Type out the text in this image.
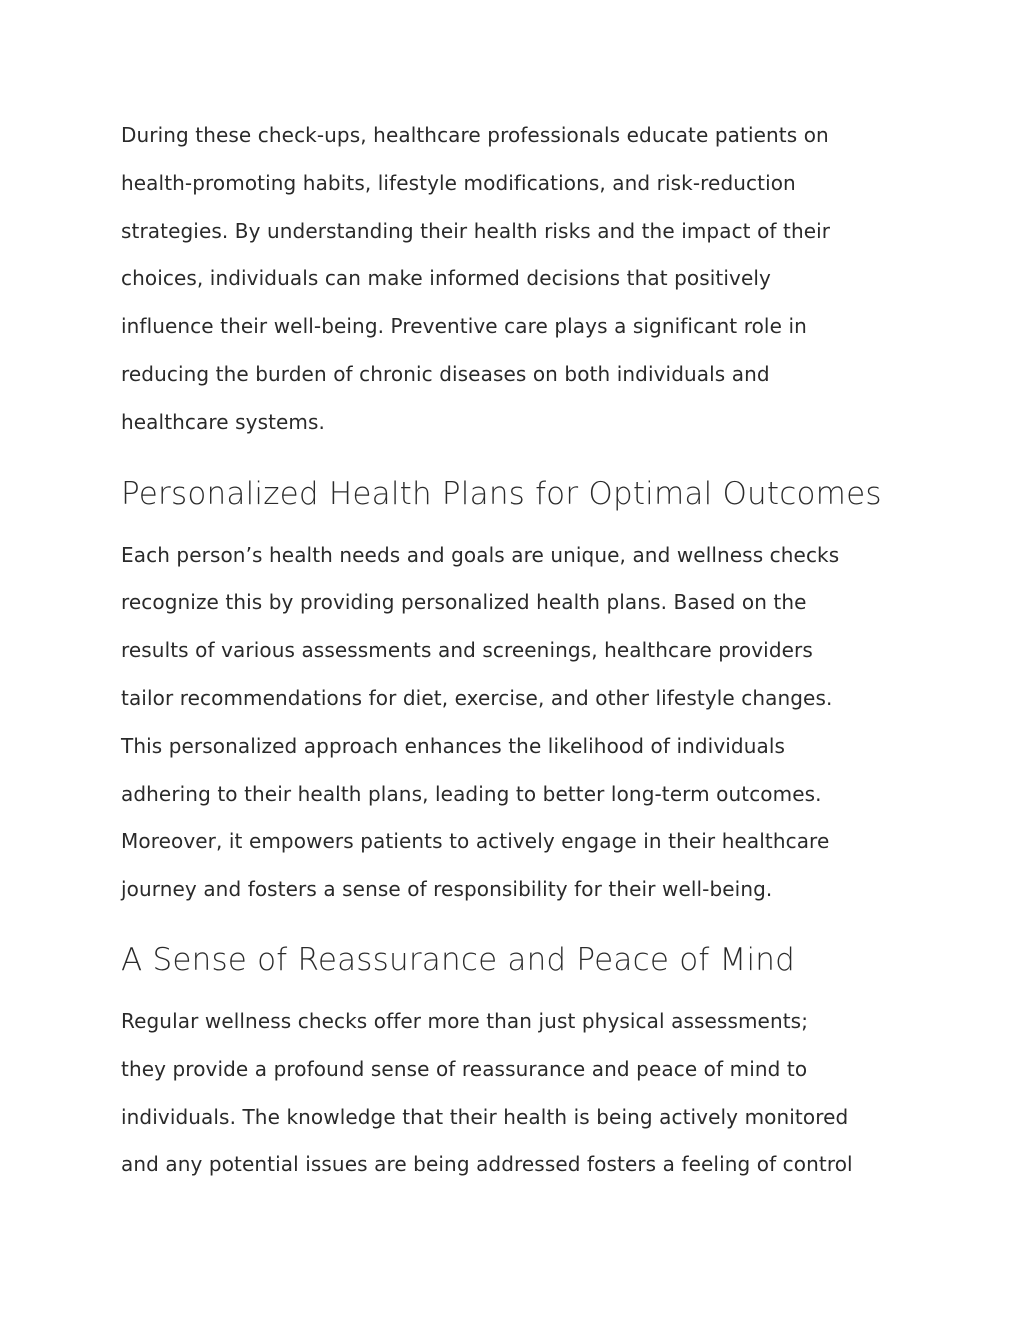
During these check-ups, healthcare professionals educate patients on
health-promoting habits, lifestyle modifications, and risk-reduction
strategies. By understanding their health risks and the impact of their
choices, individuals can make informed decisions that positively
influence their well-being. Preventive care plays a significant role in
reducing the burden of chronic diseases on both individuals and
healthcare systems.

Personalized Health Plans for Optimal Outcomes

Each person’s health needs and goals are unique, and wellness checks
recognize this by providing personalized health plans. Based on the
results of various assessments and screenings, healthcare providers
tailor recommendations for diet, exercise, and other lifestyle changes.
This personalized approach enhances the likelihood of individuals
adhering to their health plans, leading to better long-term outcomes.
Moreover, it empowers patients to actively engage in their healthcare
journey and fosters a sense of responsibility for their well-being.

A Sense of Reassurance and Peace of Mind

Regular wellness checks offer more than just physical assessments;
they provide a profound sense of reassurance and peace of mind to
individuals. The knowledge that their health is being actively monitored
and any potential issues are being addressed fosters a feeling of control
